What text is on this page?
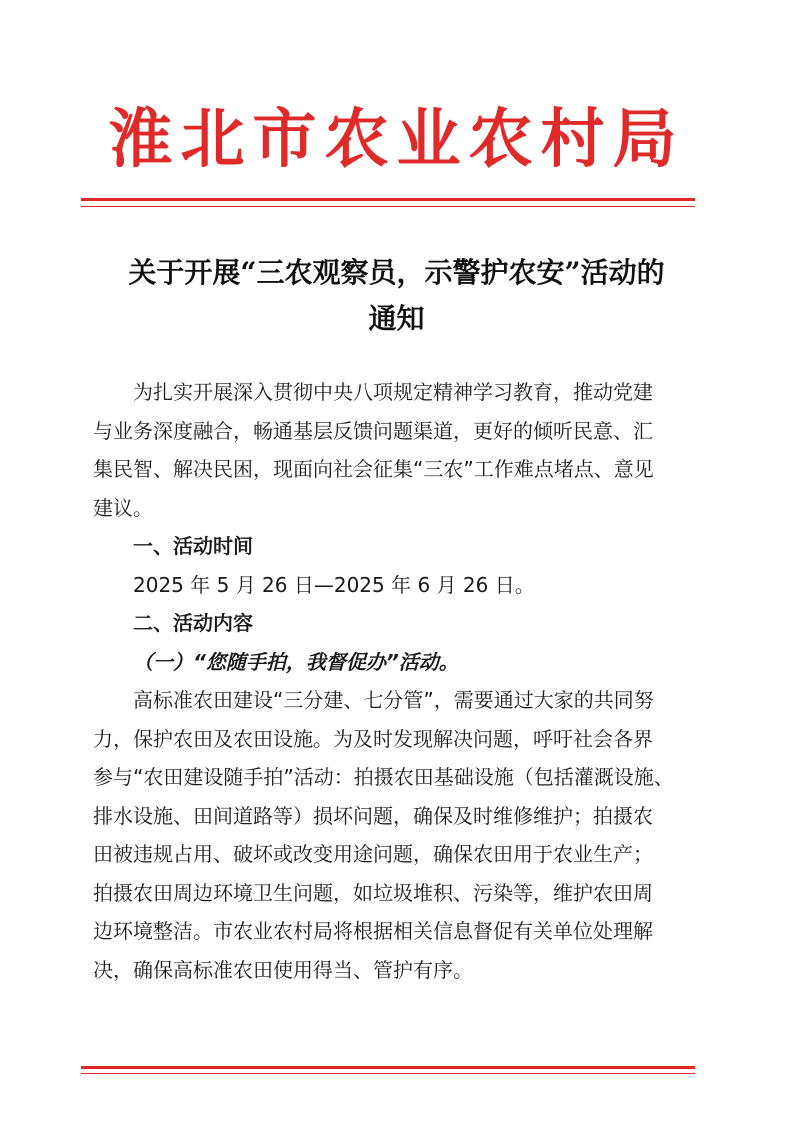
淮北市农业农村局
关于开展“三农观察员，示警护农安”活动的
通知
为扎实开展深入贯彻中央八项规定精神学习教育，推动党建
与业务深度融合，畅通基层反馈问题渠道，更好的倾听民意、汇
集民智、解决民困，现面向社会征集“三农”工作难点堵点、意见
建议。
一、活动时间
2025 年 5 月 26 日—2025 年 6 月 26 日。
二、活动内容
（一）“您随手拍，我督促办”活动。
高标准农田建设“三分建、七分管”，需要通过大家的共同努
力，保护农田及农田设施。为及时发现解决问题，呼吁社会各界
参与“农田建设随手拍”活动：拍摄农田基础设施（包括灌溉设施、
排水设施、田间道路等）损坏问题，确保及时维修维护；拍摄农
田被违规占用、破坏或改变用途问题，确保农田用于农业生产；
拍摄农田周边环境卫生问题，如垃圾堆积、污染等，维护农田周
边环境整洁。市农业农村局将根据相关信息督促有关单位处理解
决，确保高标准农田使用得当、管护有序。
